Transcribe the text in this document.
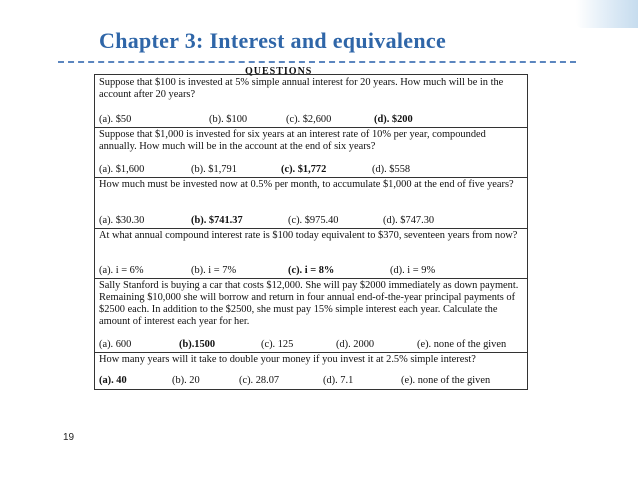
Chapter 3: Interest and equivalence
QUESTIONS
Suppose that $100 is invested at 5% simple annual interest for 20 years. How much will be in the account after 20 years?
(a). $50	(b). $100	(c). $2,600	(d). $200
Suppose that $1,000 is invested for six years at an interest rate of 10% per year, compounded annually. How much will be in the account at the end of six years?
(a). $1,600	(b). $1,791	(c). $1,772	(d). $558
How much must be invested now at 0.5% per month, to accumulate $1,000 at the end of five years?
(a). $30.30	(b). $741.37	(c). $975.40	(d). $747.30
At what annual compound interest rate is $100 today equivalent to $370, seventeen years from now?
(a). i = 6%	(b). i = 7%	(c). i = 8%	(d). i = 9%
Sally Stanford is buying a car that costs $12,000. She will pay $2000 immediately as down payment. Remaining $10,000 she will borrow and return in four annual end-of-the-year principal payments of $2500 each. In addition to the $2500, she must pay 15% simple interest each year. Calculate the amount of interest each year for her.
(a). 600	(b).1500	(c). 125	(d). 2000	(e). none of the given
How many years will it take to double your money if you invest it at 2.5% simple interest?
(a). 40	(b). 20	(c). 28.07	(d). 7.1	(e). none of the given
19
